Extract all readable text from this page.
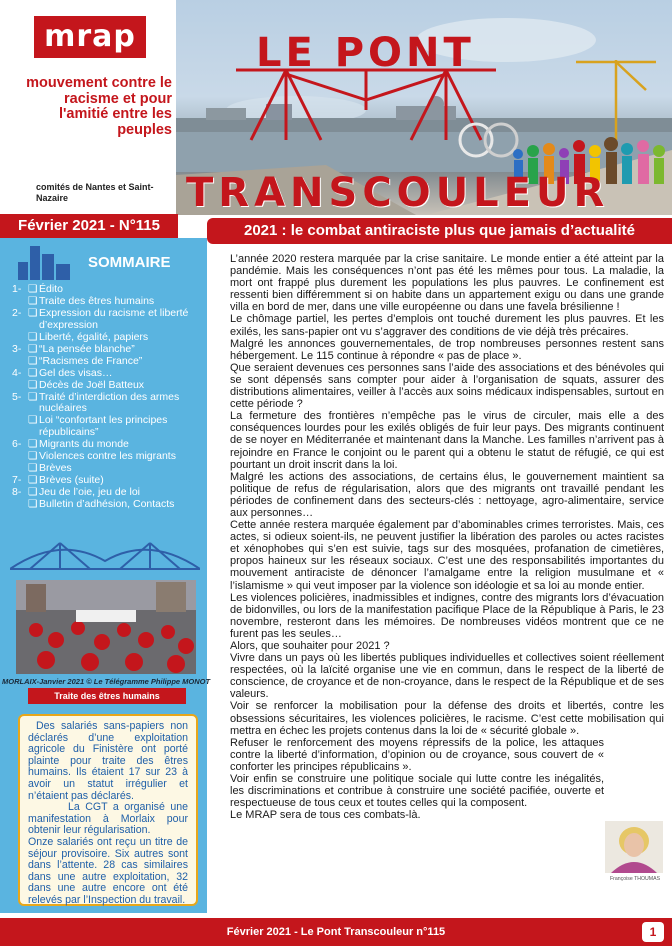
mrap
mouvement contre le racisme et pour l'amitié entre les peuples
comités de Nantes et Saint-Nazaire
LE PONT
TRANSCOULEUR
Février 2021 - N°115	2021 : le combat antiraciste plus que jamais d’actualité
SOMMAIRE
1- ❏ Édito
❏ Traite des êtres humains
2- ❏ Expression du racisme et liberté d’expression
❏ Liberté, égalité, papiers
3- ❏ “La pensée blanche”
❏ “Racismes de France”
4- ❏ Gel des visas…
❏ Décès de Joël Batteux
5- ❏ Traité d’interdiction des armes nucléaires
❏ Loi “confortant les principes républicains”
6- ❏ Migrants du monde
❏ Violences contre les migrants
❏ Brèves
7- ❏ Brèves (suite)
8- ❏ Jeu de l’oie, jeu de loi
❏ Bulletin d’adhésion, Contacts
MORLAIX-Janvier 2021 © Le Télégramme Philippe MONOT
Traite des êtres humains

Des salariés sans-papiers non déclarés d’une exploitation agricole du Finistère ont porté plainte pour traite des êtres humains. Ils étaient 17 sur 23 à avoir un statut irrégulier et n’étaient pas déclarés.

La CGT a organisé une manifestation à Morlaix pour obtenir leur régularisation.

Onze salariés ont reçu un titre de séjour provisoire. Six autres sont dans l’attente. 28 cas similaires dans une autre exploitation, 32 dans une autre encore ont été relevés par l’Inspection du travail.

L’année 2020 restera marquée par la crise sanitaire. Le monde entier a été atteint par la pandémie. Mais les conséquences n’ont pas été les mêmes pour tous. La maladie, la mort ont frappé plus durement les populations les plus pauvres. Le confinement est ressenti bien différemment si on habite dans un appartement exigu ou dans une grande villa en bord de mer, dans une ville européenne ou dans une favela brésilienne !

Le chômage partiel, les pertes d’emplois ont touché durement les plus pauvres. Et les exilés, les sans-papier ont vu s’aggraver des conditions de vie déjà très précaires.

Malgré les annonces gouvernementales, de trop nombreuses personnes restent sans hébergement. Le 115 continue à répondre « pas de place ».

Que seraient devenues ces personnes sans l’aide des associations et des bénévoles qui se sont dépensés sans compter pour aider à l’organisation de squats, assurer des distributions alimentaires, veiller à l’accès aux soins médicaux indispensables, surtout en cette période ?

La fermeture des frontières n’empêche pas le virus de circuler, mais elle a des conséquences lourdes pour les exilés obligés de fuir leur pays. Des migrants continuent de se noyer en Méditerranée et maintenant dans la Manche. Les familles n’arrivent pas à rejoindre en France le conjoint ou le parent qui a obtenu le statut de réfugié, ce qui est pourtant un droit inscrit dans la loi.

Malgré les actions des associations, de certains élus, le gouvernement maintient sa politique de refus de régularisation, alors que des migrants ont travaillé pendant les périodes de confinement dans des secteurs-clés : nettoyage, agro-alimentaire, service aux personnes…

Cette année restera marquée également par d’abominables crimes terroristes. Mais, ces actes, si odieux soient-ils, ne peuvent justifier la libération des paroles ou actes racistes et xénophobes qui s’en est suivie, tags sur des mosquées, profanation de cimetières, propos haineux sur les réseaux sociaux. C’est une des responsabilités importantes du mouvement antiraciste de dénoncer l’amalgame entre la religion musulmane et « l’islamisme » qui veut imposer par la violence son idéologie et sa loi au monde entier.

Les violences policières, inadmissibles et indignes, contre des migrants lors d’évacuation de bidonvilles, ou lors de la manifestation pacifique Place de la République à Paris, le 23 novembre, resteront dans les mémoires. De nombreuses vidéos montrent que ce ne furent pas les seules…

Alors, que souhaiter pour 2021 ?

Vivre dans un pays où les libertés publiques individuelles et collectives soient réellement respectées, où la laïcité organise une vie en commun, dans le respect de la liberté de conscience, de croyance et de non-croyance, dans le respect de la République et de ses valeurs.

Voir se renforcer la mobilisation pour la défense des droits et libertés, contre les obsessions sécuritaires, les violences policières, le racisme. C’est cette mobilisation qui mettra en échec les projets contenus dans la loi de « sécurité globale ».

Refuser le renforcement des moyens répressifs de la police, les attaques contre la liberté d’information, d’opinion ou de croyance, sous couvert de « conforter les principes républicains ».

Voir enfin se construire une politique sociale qui lutte contre les inégalités, les discriminations et contribue à construire une société pacifiée, ouverte et respectueuse de tous ceux et toutes celles qui la composent.

Le MRAP sera de tous ces combats-là.

Françoise THOUMAS
Février 2021 - Le Pont Transcouleur n°115	1
